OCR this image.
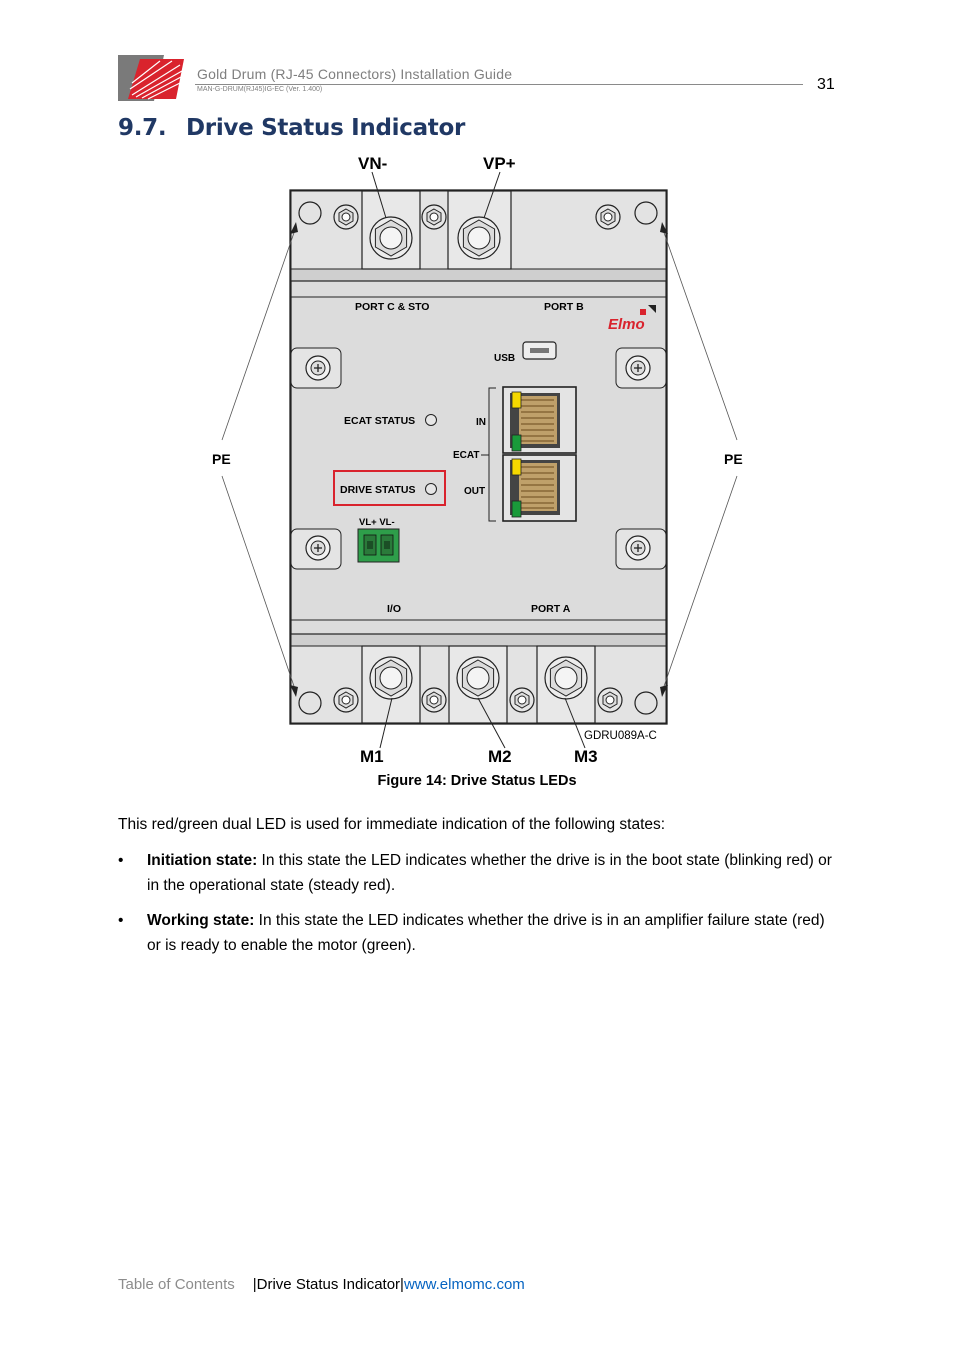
Gold Drum (RJ-45 Connectors) Installation Guide
MAN-G-DRUM(RJ45)IG-EC (Ver. 1.400)	31
9.7. Drive Status Indicator
VN-	VP+
PORT C & STO	PORT B
Elmo
USB
ECAT STATUS	IN
ECAT
OUT
DRIVE STATUS
VL+ VL-
I/O	PORT A
PE	PE
GDRU089A-C
M1	M2	M3
Figure 14: Drive Status LEDs
This red/green dual LED is used for immediate indication of the following states:
• Initiation state: In this state the LED indicates whether the drive is in the boot state (blinking red) or in the operational state (steady red).
• Working state: In this state the LED indicates whether the drive is in an amplifier failure state (red) or is ready to enable the motor (green).
Table of Contents |Drive Status Indicator|www.elmomc.com
